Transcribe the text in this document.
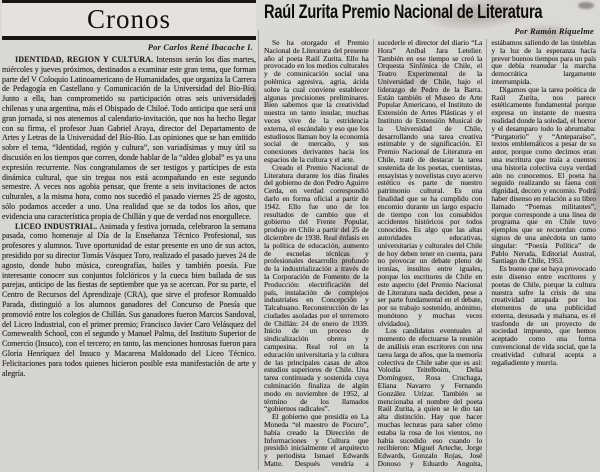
Cronos
Por Carlos René Ibacache I.

IDENTIDAD, REGION Y CULTURA. Intensos serán los días martes, miércoles y jueves próximos, destinados a examinar este gran tema, que forman parte del V Coloquio Latinoamericano de Humanidades, que organiza la Carrera de Pedagogía en Castellano y Comunicación de la Universidad del Bío-Bío. Junto a ella, han comprometido su participación otras seis universidades chilenas y una argentina, más el Obispado de Chiloé. Todo anticipa que será una gran jornada, si nos atenemos al calendario-invitación, que nos ha hecho llegar con su firma, el profesor Juan Gabriel Araya, director del Departamento de Artes y Letras de la Universidad del Bío-Bío. Las opiniones que se han emitido sobre el tema, “Identidad, región y cultura”, son variadísimas y muy útil su discusión en los tiempos que corren, donde hablar de la “aldea global” es ya una expresión recurrente. Nos congratulamos de ser testigos y partícipes de esta dinámica cultural, que sin tregua nos está acompañando en este segundo semestre. A veces nos agobia pensar, que frente a seis invitaciones de actos culturales, a la misma hora, como nos sucedió el pasado viernes 25 de agosto, sólo podamos acceder a uno. Una realidad que se da todos los años, que evidencia una característica propia de Chillán y que de verdad nos enorgullece.

LICEO INDUSTRIAL. Animada y festiva jornada, celebraron la semana pasada, como homenaje al Día de la Enseñanza Técnico Profesional, sus profesores y alumnos. Tuve oportunidad de estar presente en uno de sus actos, presidido por su director Tomás Vásquez Toro, realizado el pasado jueves 24 de agosto, donde hubo música, coreografías, bailes y también poesía. Fue interesante conocer sus conjuntos folclóricos y la cueca bien bailada de sus parejas, anticipo de las fiestas de septiembre que ya se acercan. Por su parte, el Centro de Recursos del Aprendizaje (CRA), que sirve el profesor Romualdo Parada, distinguió a los alumnos ganadores del Concurso de Poesía que promovió entre los colegios de Chillán. Sus ganadores fueron Marcos Sandoval, del Liceo Industrial, con el primer premio; Francisco Javier Caro Velásquez del Comewealth School, con el segundo y Manuel Palma, del Instituto Superior de Comercio (Insuco), con el tercero; en tanto, las menciones honrosas fueron para Gloria Henríquez del Insuco y Macarena Maldonado del Liceo Técnico. Felicitaciones para todos quienes hicieron posible esta manifestación de arte y alegría.

Raúl Zurita Premio Nacional de Literatura
Por Ramón Riquelme

Se ha otorgado el Premio Nacional de Literatura del presente año al poeta Raúl Zurita. Ello ha provocado en los medios culturales y de comunicación social una polémica agresiva, agria, ácida sobre la cual conviene establecer algunas precisiones preliminares. Bien sabemos que la creatividad nuestra un tanto insular, muchas veces vive de la estridencia externa, el escándalo y eso que los estudiosos llaman hoy la economía social de mercado, y sus conexiones derivantes hacia los espacios de la cultura y el arte.

Creado el Premio Nacional de Literatura durante los días finales del gobierno de don Pedro Aguirre Cerda, en verdad correspondió darlo en forma oficial a partir de 1942. Ello fue uno de los resultados de cambio que el gobierno del Frente Popular, produjo en Chile a partir del 25 de diciembre de 1938. Real énfasis en la política de educación, aumento de escuelas técnicas y profesionales desarrollo profundo de la industrialización a través de la Corporación de Fomento de la Producción: electrificación del país, instalación de complejos industriales en Concepción y Talcahuano. Reconstrucción de las ciudades asoladas por el terremoto de Chillán: 24 de enero de 1939. Inicio de un proceso de sindicalización obrera y campesina. Real rol en la educación universitaria y la cultura de las principales casas de altos estudios superiores de Chile. Una tarea continuada y sostenida cuya culminación finaliza de algún modo en noviembre de 1952, al término de los llamados “gobiernos radicales”.

El gobierno que presidía en La Moneda “el maestro de Pocuro”, había creado la Dirección de Informaciones y Cultura que presidió inicialmente el arquitecto y periodista Ismael Edwards Matte. Después vendría a sucederle el director del diario “La Hora” Aníbal Jara Letelier. También en ese tiempo se creó la Orquesta Sinfónica de Chile, el Teatro Experimental de la Universidad de Chile, bajo el liderazgo de Pedro de la Barra. Están también el Museo de Arte Popular Americano, el Instituto de Extensión de Artes Plásticas y el Instituto de Extensión Musical de la Universidad de Chile, desarrollando una tarea creativa estimable y de significación. El Premio Nacional de Literatura en Chile, trató de destacar la tarea sostenida de los poetas, cuentistas, ensayistas y novelistas cuyo acervo estético es parte de nuestro patrimonio cultural. Es una finalidad que se ha cumplido con encomio durante un largo espacio de tiempo con los consabidos accidentes históricos por todos conocidos. Es algo que las altas autoridades educativas, universitarias y culturales del Chile de hoy deben tener en cuenta, para no provocar un debate pleno de ironías, insultos entre iguales, porque los escritores de Chile en este aspecto (del Premio Nacional de Literatura nada deciden, pese a ser parte fundamental en el debate, por su trabajo sostenido, anónimo, monótono y muchas veces olvidados).

Los candidatos eventuales al momento de efectuarse la reunión de análisis eran escritores con una tarea larga de años, que la memoria colectiva de Chile sabe que es así: Volodia Teitelboim, Delia Domínguez, Rosa Cruchaga, Eliana Navarro y Fernando González Urízar. También se mencionaba el nombre del poeta Raúl Zurita, a quien se le dio tan alta distinción. Hay que hacer muchas lecturas para saber cómo estaba la rosa de los vientos, no había sucedido eso cuando lo recibieron: Miguel Arteche, Jorge Edwards, Gonzalo Rojas, José Donoso y Eduardo Anguita, estábamos saliendo de las tinieblas y la luz de la esperanza hacía prever buenos tiempos para un país que debía reanudar la marcha democrática largamente interrumpida.

Digamos que la tarea poética de Raúl Zurita, nos parece estéticamente fundamental porque expresa un instante de nuestra realidad donde la soledad, el horror y el desamparo todo lo abrumaba: “Purgatorio” y “Anteparaíso”, textos emblemáticos a pesar de su autor, porque como decimos eran una escritura que traía a cuentos una historia colectiva cuya verdad aún no conocemos. El poeta ha seguido realizando su faena con dignidad, decoro y encomio. Podrá haber disenso en relación a su libro llamado “Poemas militantes”, porque corresponde a una línea de programa que en Chile tuvo ejemplos que se recuerdan como signos de una anécdota un tanto singular: “Poesía Política” de Pablo Neruda, Editorial Austral, Santiago de Chile, 1953.

Es bueno que se haya provocado este disenso entre escritores y poetas de Chile, porque la cultura nuestra sufre la crisis de una creatividad atrapada por los elementos de una publicidad externa, desusada y malsana, es el trasfondo de un proyecto de sociedad impuesto, que hemos aceptado como una forma convencional de vida social, que la creatividad cultural acepta a regañadiente y murria.
